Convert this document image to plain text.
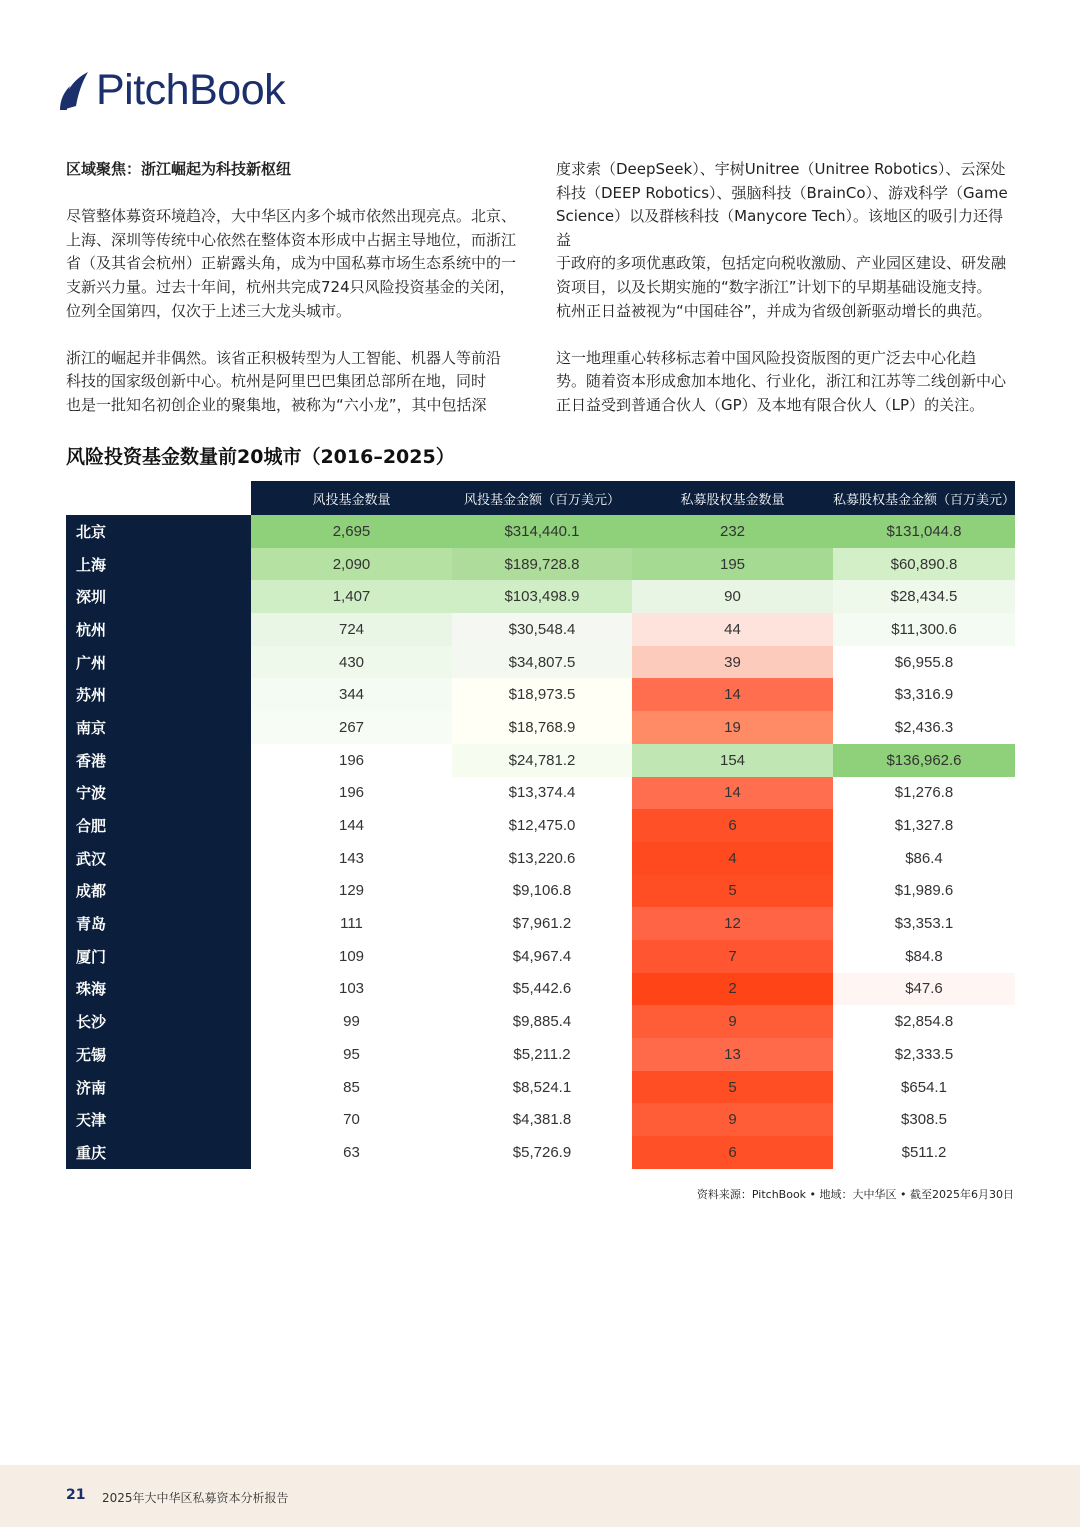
PitchBook

区域聚焦：浙江崛起为科技新枢纽

尽管整体募资环境趋冷，大中华区内多个城市依然出现亮点。北京、
上海、深圳等传统中心依然在整体资本形成中占据主导地位，而浙江
省（及其省会杭州）正崭露头角，成为中国私募市场生态系统中的一
支新兴力量。过去十年间，杭州共完成724只风险投资基金的关闭，
位列全国第四，仅次于上述三大龙头城市。

浙江的崛起并非偶然。该省正积极转型为人工智能、机器人等前沿
科技的国家级创新中心。杭州是阿里巴巴集团总部所在地，同时
也是一批知名初创企业的聚集地，被称为“六小龙”，其中包括深

度求索（DeepSeek）、宇树Unitree（Unitree Robotics）、云深处
科技（DEEP Robotics）、强脑科技（BrainCo）、游戏科学（Game
Science）以及群核科技（Manycore Tech）。该地区的吸引力还得益
于政府的多项优惠政策，包括定向税收激励、产业园区建设、研发融
资项目，以及长期实施的“数字浙江”计划下的早期基础设施支持。
杭州正日益被视为“中国硅谷”，并成为省级创新驱动增长的典范。

这一地理重心转移标志着中国风险投资版图的更广泛去中心化趋
势。随着资本形成愈加本地化、行业化，浙江和江苏等二线创新中心
正日益受到普通合伙人（GP）及本地有限合伙人（LP）的关注。

风险投资基金数量前20城市（2016–2025）
	风投基金数量	风投基金金额（百万美元）	私募股权基金数量	私募股权基金金额（百万美元）
北京	2,695	$314,440.1	232	$131,044.8
上海	2,090	$189,728.8	195	$60,890.8
深圳	1,407	$103,498.9	90	$28,434.5
杭州	724	$30,548.4	44	$11,300.6
广州	430	$34,807.5	39	$6,955.8
苏州	344	$18,973.5	14	$3,316.9
南京	267	$18,768.9	19	$2,436.3
香港	196	$24,781.2	154	$136,962.6
宁波	196	$13,374.4	14	$1,276.8
合肥	144	$12,475.0	6	$1,327.8
武汉	143	$13,220.6	4	$86.4
成都	129	$9,106.8	5	$1,989.6
青岛	111	$7,961.2	12	$3,353.1
厦门	109	$4,967.4	7	$84.8
珠海	103	$5,442.6	2	$47.6
长沙	99	$9,885.4	9	$2,854.8
无锡	95	$5,211.2	13	$2,333.5
济南	85	$8,524.1	5	$654.1
天津	70	$4,381.8	9	$308.5
重庆	63	$5,726.9	6	$511.2
资料来源：PitchBook • 地域：大中华区 • 截至2025年6月30日
21 2025年大中华区私募资本分析报告
